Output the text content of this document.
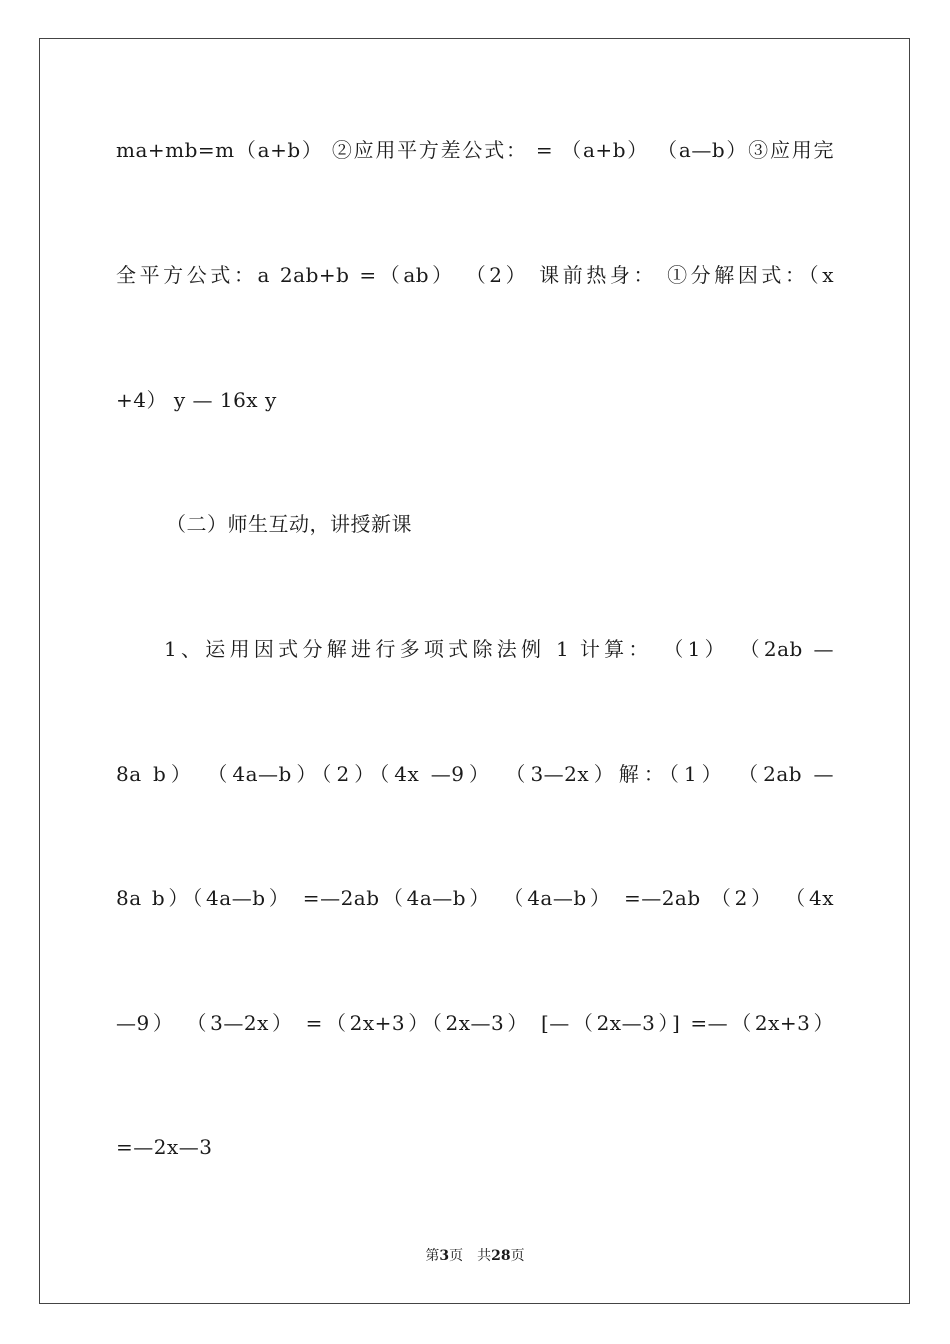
ma+mb=m（a+b） ②应用平方差公式： = （a+b） （a—b）③应用完
全平方公式：a 2ab+b =（ab） （2） 课前热身： ①分解因式：（x
+4） y — 16x y
（二）师生互动，讲授新课
1、运用因式分解进行多项式除法例 1 计算： （1） （2ab —
8a b） （4a—b）（2）（4x —9） （3—2x）解：（1） （2ab —
8a b）（4a—b） =—2ab（4a—b） （4a—b） =—2ab （2） （4x
—9） （3—2x） =（2x+3）（2x—3） [—（2x—3）] =—（2x+3）
=—2x—3
第3页　共28页
